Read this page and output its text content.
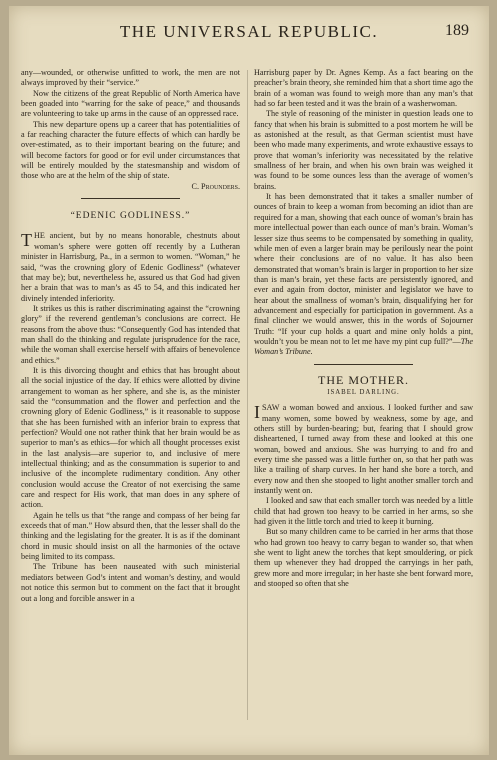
THE UNIVERSAL REPUBLIC.	189

any—wounded, or otherwise unfitted to work, the men are not always improved by their “service.”

Now the citizens of the great Republic of North America have been goaded into “warring for the sake of peace,” and thousands are volunteering to take up arms in the cause of an oppressed race.

This new departure opens up a career that has potentialities of a far reaching character the future effects of which can hardly be over-estimated, as to their important bearing on the future; and will become factors for good or for evil under circumstances that will be entirely moulded by the statesmanship and wisdom of those who are at the helm of the ship of state.

C. Prounders.

“EDENIC GODLINESS.”

THE ancient, but by no means honorable, chestnuts about woman’s sphere were gotten off recently by a Lutheran minister in Harrisburg, Pa., in a sermon to women. “Woman,” he said, “was the crowning glory of Edenic Godliness” (whatever that may be); but, nevertheless he, assured us that God had given her a brain that was to man’s as 45 to 54, and this indicated her divinely intended inferiority.

It strikes us this is rather discriminating against the “crowning glory” if the reverend gentleman’s conclusions are correct. He reasons from the above thus: “Consequently God has intended that man shall do the thinking and regulate jurisprudence for the race, while the woman shall exercise herself with affairs of benevolence and ethics.”

It is this divorcing thought and ethics that has brought about all the social injustice of the day. If ethics were allotted by divine arrangement to woman as her sphere, and she is, as the minister said the “consummation and the flower and perfection and the crowning glory of Edenic Godliness,” is it reasonable to suppose that she has been furnished with an inferior brain to express that perfection? Would one not rather think that her brain would be as superior to man’s as ethics—for which all thought processes exist in the last analysis—are superior to, and inclusive of mere intellectual thinking; and as the consummation is superior to and inclusive of the incomplete rudimentary condition. Any other conclusion would accuse the Creator of not exercising the same care and respect for His work, that man does in any sphere of action.

Again he tells us that “the range and compass of her being far exceeds that of man.” How absurd then, that the lesser shall do the thinking and the legislating for the greater. It is as if the dominant chord in music should insist on all the harmonies of the octave being limited to its compass.

The Tribune has been nauseated with such ministerial mediators between God’s intent and woman’s destiny, and would not notice this sermon but to comment on the fact that it brought out a long and forcible answer in a

Harrisburg paper by Dr. Agnes Kemp. As a fact bearing on the preacher’s brain theory, she reminded him that a short time ago the brain of a woman was found to weigh more than any man’s that had so far been tested and it was the brain of a washerwoman.

The style of reasoning of the minister in question leads one to fancy that when his brain is submitted to a post mortem he will be as astonished at the result, as that German scientist must have been who made many experiments, and wrote exhaustive essays to prove that woman’s inferiority was necessitated by the relative smallness of her brain, and when his own brain was weighed it was found to be some ounces less than the average of women’s brains.

It has been demonstrated that it takes a smaller number of ounces of brain to keep a woman from becoming an idiot than are required for a man, showing that each ounce of woman’s brain has more intellectual power than each ounce of man’s brain. Woman’s lesser size thus seems to be compensated by something in quality, while men of even a larger brain may be perilously near the point where their conclusions are of no value. It has also been demonstrated that woman’s brain is larger in proportion to her size than is man’s brain, yet these facts are persistently ignored, and ever and again from doctor, minister and legislator we have to hear about the smallness of woman’s brain, disqualifying her for advancement and especially for participation in government. As a final clincher we would answer, this in the words of Sojourner Truth: “If your cup holds a quart and mine only holds a pint, wouldn’t you be mean not to let me have my pint cup full?”—The Woman’s Tribune.

THE MOTHER.
ISABEL DARLING.

ISAW a woman bowed and anxious. I looked further and saw many women, some bowed by weakness, some by age, and others still by burden-bearing; but, fearing that I should grow disheartened, I turned away from these and looked at this one woman, bowed and anxious. She was hurrying to and fro and every time she passed was a little further on, so that her path was like a trailing of sharp curves. In her hand she bore a torch, and every now and then she stooped to light another smaller torch and instantly went on.

I looked and saw that each smaller torch was needed by a little child that had grown too heavy to be carried in her arms, so she had given it the little torch and tried to keep it burning.

But so many children came to be carried in her arms that those who had grown too heavy to carry began to wander so, that when she went to light anew the torches that kept smouldering, or pick them up whenever they had dropped the carryings in her path, grew more and more irregular; in her haste she bent forward more, and stooped so often that she
